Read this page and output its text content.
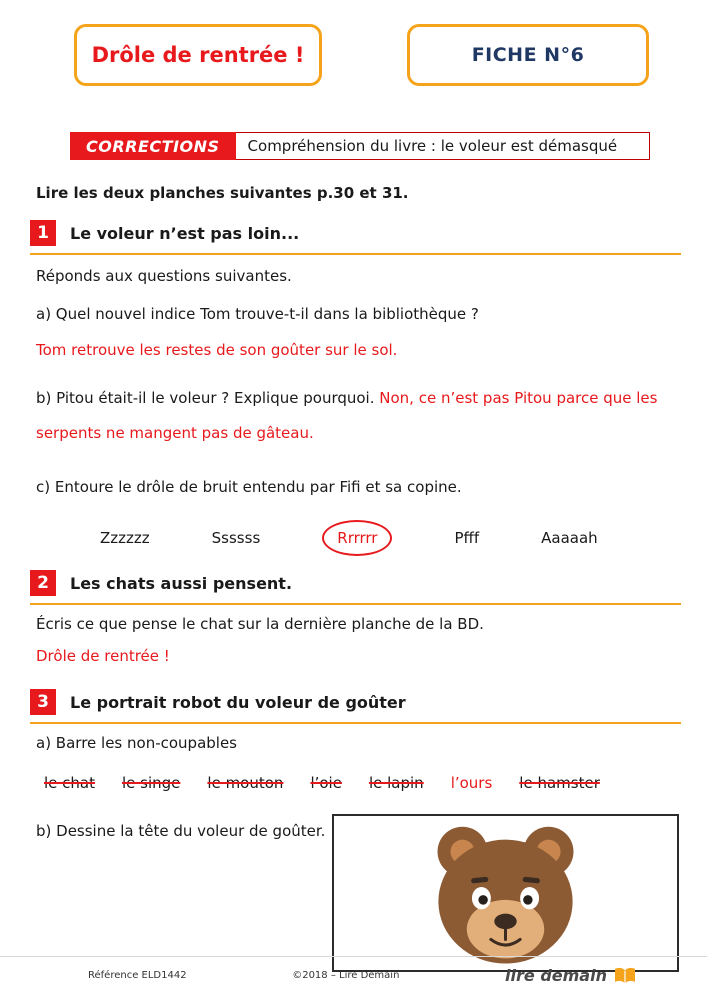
Drôle de rentrée !	FICHE N°6
CORRECTIONS	Compréhension du livre : le voleur est démasqué

Lire les deux planches suivantes p.30 et 31.

1	Le voleur n’est pas loin...

Réponds aux questions suivantes.

a) Quel nouvel indice Tom trouve-t-il dans la bibliothèque ?

Tom retrouve les restes de son goûter sur le sol.

b) Pitou était-il le voleur ? Explique pourquoi. Non, ce n’est pas Pitou parce que les serpents ne mangent pas de gâteau.

c) Entoure le drôle de bruit entendu par Fifi et sa copine.

Zzzzzz	Ssssss	Rrrrrr	Pfff	Aaaaah
2	Les chats aussi pensent.

Écris ce que pense le chat sur la dernière planche de la BD.

Drôle de rentrée !

3	Le portrait robot du voleur de goûter

a) Barre les non-coupables

le chat le singe le mouton l’oie le lapin l’ours le hamster

b) Dessine la tête du voleur de goûter.

Référence ELD1442	©2018 – Lire Demain	lire demain
